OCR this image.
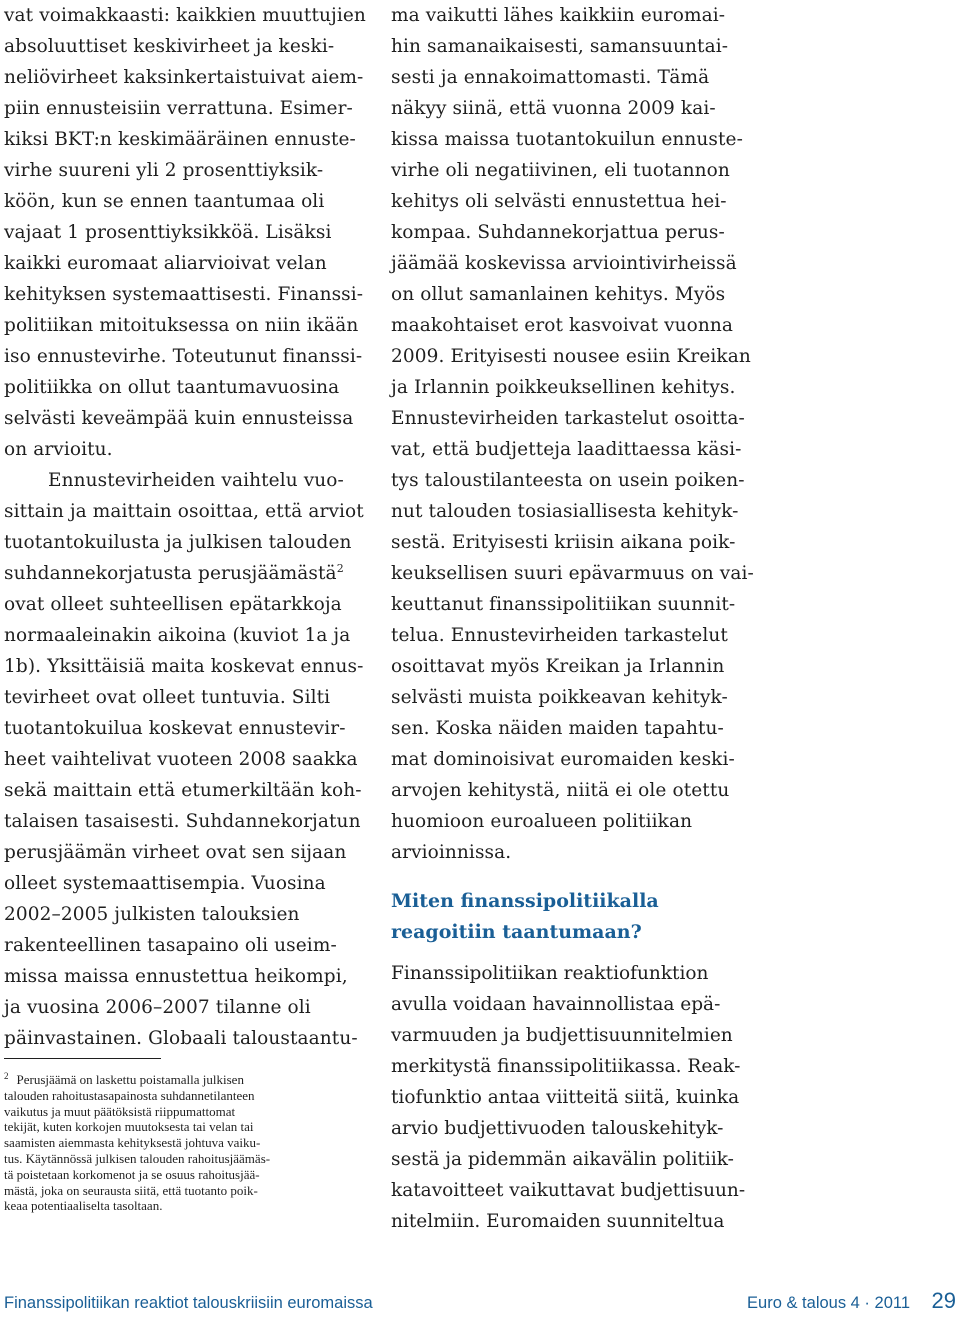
vat voimakkaasti: kaikkien muuttujien
absoluuttiset keskivirheet ja keski-
neliövirheet kaksinkertaistuivat aiem-
piin ennusteisiin verrattuna. Esimer-
kiksi BKT:n keskimääräinen ennuste-
virhe suureni yli 2 prosenttiyksik-
köön, kun se ennen taantumaa oli
vajaat 1 prosenttiyksikköä. Lisäksi
kaikki euromaat aliarvioivat velan
kehityksen systemaattisesti. Finanssi-
politiikan mitoituksessa on niin ikään
iso ennustevirhe. Toteutunut finanssi-
politiikka on ollut taantumavuosina
selvästi keveämpää kuin ennusteissa
on arvioitu.
Ennustevirheiden vaihtelu vuo-
sittain ja maittain osoittaa, että arviot
tuotantokuilusta ja julkisen talouden
suhdannekorjatusta perusjäämästä$^2$
ovat olleet suhteellisen epätarkkoja
normaaleinakin aikoina (kuviot 1a ja
1b). Yksittäisiä maita koskevat ennus-
tevirheet ovat olleet tuntuvia. Silti
tuotantokuilua koskevat ennustevir-
heet vaihtelivat vuoteen 2008 saakka
sekä maittain että etumerkiltään koh-
talaisen tasaisesti. Suhdannekorjatun
perusjäämän virheet ovat sen sijaan
olleet systemaattisempia. Vuosina
2002–2005 julkisten talouksien
rakenteellinen tasapaino oli useim-
missa maissa ennustettua heikompi,
ja vuosina 2006–2007 tilanne oli
päinvastainen. Globaali taloustaantu-
$^2$ Perusjäämä on laskettu poistamalla julkisen
talouden rahoitustasapainosta suhdannetilanteen
vaikutus ja muut päätöksistä riippumattomat
tekijät, kuten korkojen muutoksesta tai velan tai
saamisten aiemmasta kehityksestä johtuva vaiku-
tus. Käytännössä julkisen talouden rahoitusjäämäs-
tä poistetaan korkomenot ja se osuus rahoitusjää-
mästä, joka on seurausta siitä, että tuotanto poik-
keaa potentiaaliselta tasoltaan.
ma vaikutti lähes kaikkiin euromai-
hin samanaikaisesti, samansuuntai-
sesti ja ennakoimattomasti. Tämä
näkyy siinä, että vuonna 2009 kai-
kissa maissa tuotantokuilun ennuste-
virhe oli negatiivinen, eli tuotannon
kehitys oli selvästi ennustettua hei-
kompaa. Suhdannekorjattua perus-
jäämää koskevissa arviointivirheissä
on ollut samanlainen kehitys. Myös
maakohtaiset erot kasvoivat vuonna
2009. Erityisesti nousee esiin Kreikan
ja Irlannin poikkeuksellinen kehitys.
Ennustevirheiden tarkastelut osoitta-
vat, että budjetteja laadittaessa käsi-
tys taloustilanteesta on usein poiken-
nut talouden tosiasiallisesta kehityk-
sestä. Erityisesti kriisin aikana poik-
keuksellisen suuri epävarmuus on vai-
keuttanut finanssipolitiikan suunnit-
telua. Ennustevirheiden tarkastelut
osoittavat myös Kreikan ja Irlannin
selvästi muista poikkeavan kehityk-
sen. Koska näiden maiden tapahtu-
mat dominoisivat euromaiden keski-
arvojen kehitystä, niitä ei ole otettu
huomioon euroalueen politiikan
arvioinnissa.
Miten finanssipolitiikalla
reagoitiin taantumaan?
Finanssipolitiikan reaktiofunktion
avulla voidaan havainnollistaa epä-
varmuuden ja budjettisuunnitelmien
merkitystä finanssipolitiikassa. Reak-
tiofunktio antaa viitteitä siitä, kuinka
arvio budjettivuoden talouskehityk-
sestä ja pidemmän aikavälin politiik-
katavoitteet vaikuttavat budjettisuun-
nitelmiin. Euromaiden suunniteltua
Finanssipolitiikan reaktiot talouskriisiin euromaissa	Euro & talous 4 · 2011 29
